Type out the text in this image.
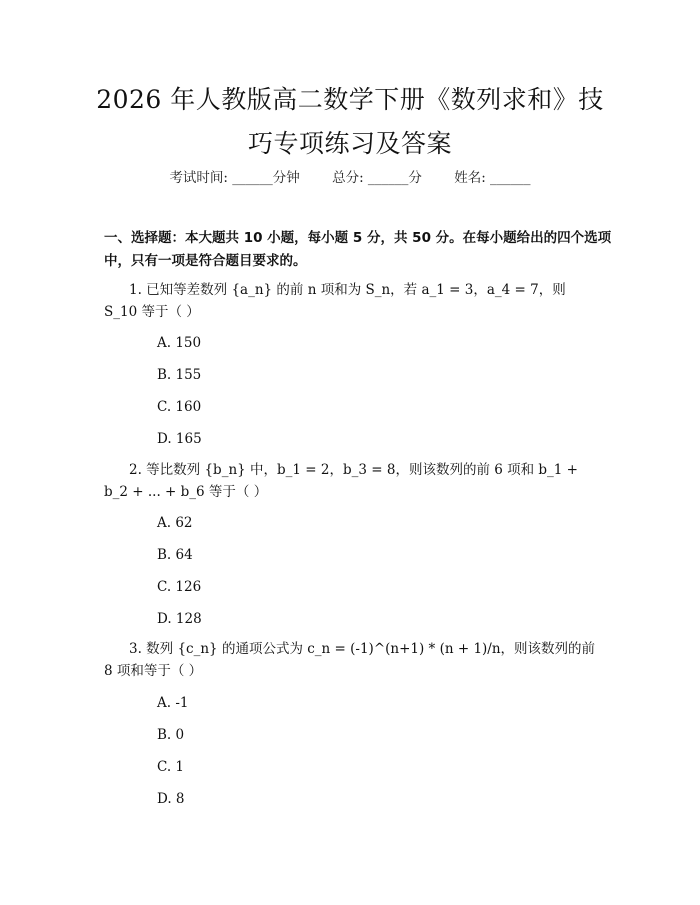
2026 年人教版高二数学下册《数列求和》技
巧专项练习及答案
考试时间: ______分钟 总分: ______分 姓名: ______
一、选择题：本大题共 10 小题，每小题 5 分，共 50 分。在每小题给出的四个选项中，只有一项是符合题目要求的。
1. 已知等差数列 {a_n} 的前 n 项和为 S_n，若 a_1 = 3，a_4 = 7，则 S_10 等于（ ）
A. 150
B. 155
C. 160
D. 165
2. 等比数列 {b_n} 中，b_1 = 2，b_3 = 8，则该数列的前 6 项和 b_1 + b_2 + ... + b_6 等于（ ）
A. 62
B. 64
C. 126
D. 128
3. 数列 {c_n} 的通项公式为 c_n = (-1)^(n+1) * (n + 1)/n，则该数列的前 8 项和等于（ ）
A. -1
B. 0
C. 1
D. 8
